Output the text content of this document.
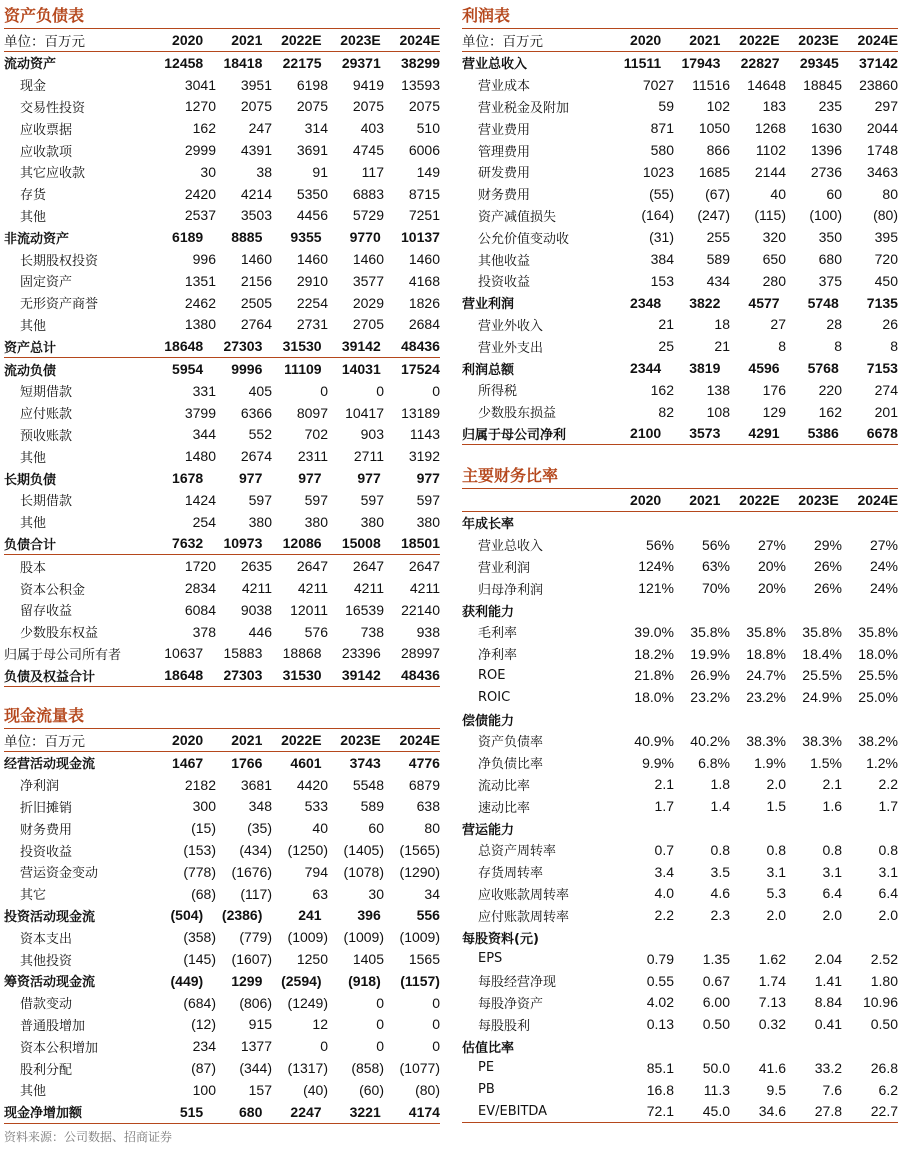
资产负债表
单位：百万元	2020	2021	2022E	2023E	2024E
流动资产	12458	18418	22175	29371	38299
现金	3041	3951	6198	9419	13593
交易性投资	1270	2075	2075	2075	2075
应收票据	162	247	314	403	510
应收款项	2999	4391	3691	4745	6006
其它应收款	30	38	91	117	149
存货	2420	4214	5350	6883	8715
其他	2537	3503	4456	5729	7251
非流动资产	6189	8885	9355	9770	10137
长期股权投资	996	1460	1460	1460	1460
固定资产	1351	2156	2910	3577	4168
无形资产商誉	2462	2505	2254	2029	1826
其他	1380	2764	2731	2705	2684
资产总计	18648	27303	31530	39142	48436
流动负债	5954	9996	11109	14031	17524
短期借款	331	405	0	0	0
应付账款	3799	6366	8097	10417	13189
预收账款	344	552	702	903	1143
其他	1480	2674	2311	2711	3192
长期负债	1678	977	977	977	977
长期借款	1424	597	597	597	597
其他	254	380	380	380	380
负债合计	7632	10973	12086	15008	18501
股本	1720	2635	2647	2647	2647
资本公积金	2834	4211	4211	4211	4211
留存收益	6084	9038	12011	16539	22140
少数股东权益	378	446	576	738	938
归属于母公司所有者	10637	15883	18868	23396	28997
负债及权益合计	18648	27303	31530	39142	48436
现金流量表
单位：百万元	2020	2021	2022E	2023E	2024E
经营活动现金流	1467	1766	4601	3743	4776
净利润	2182	3681	4420	5548	6879
折旧摊销	300	348	533	589	638
财务费用	(15)	(35)	40	60	80
投资收益	(153)	(434)	(1250)	(1405)	(1565)
营运资金变动	(778)	(1676)	794	(1078)	(1290)
其它	(68)	(117)	63	30	34
投资活动现金流	(504)	(2386)	241	396	556
资本支出	(358)	(779)	(1009)	(1009)	(1009)
其他投资	(145)	(1607)	1250	1405	1565
筹资活动现金流	(449)	1299	(2594)	(918)	(1157)
借款变动	(684)	(806)	(1249)	0	0
普通股增加	(12)	915	12	0	0
资本公积增加	234	1377	0	0	0
股利分配	(87)	(344)	(1317)	(858)	(1077)
其他	100	157	(40)	(60)	(80)
现金净增加额	515	680	2247	3221	4174
利润表
单位：百万元	2020	2021	2022E	2023E	2024E
营业总收入	11511	17943	22827	29345	37142
营业成本	7027	11516	14648	18845	23860
营业税金及附加	59	102	183	235	297
营业费用	871	1050	1268	1630	2044
管理费用	580	866	1102	1396	1748
研发费用	1023	1685	2144	2736	3463
财务费用	(55)	(67)	40	60	80
资产减值损失	(164)	(247)	(115)	(100)	(80)
公允价值变动收	(31)	255	320	350	395
其他收益	384	589	650	680	720
投资收益	153	434	280	375	450
营业利润	2348	3822	4577	5748	7135
营业外收入	21	18	27	28	26
营业外支出	25	21	8	8	8
利润总额	2344	3819	4596	5768	7153
所得税	162	138	176	220	274
少数股东损益	82	108	129	162	201
归属于母公司净利	2100	3573	4291	5386	6678
主要财务比率
2020	2021	2022E	2023E	2024E
年成长率
营业总收入	56%	56%	27%	29%	27%
营业利润	124%	63%	20%	26%	24%
归母净利润	121%	70%	20%	26%	24%
获利能力
毛利率	39.0%	35.8%	35.8%	35.8%	35.8%
净利率	18.2%	19.9%	18.8%	18.4%	18.0%
ROE	21.8%	26.9%	24.7%	25.5%	25.5%
ROIC	18.0%	23.2%	23.2%	24.9%	25.0%
偿债能力
资产负债率	40.9%	40.2%	38.3%	38.3%	38.2%
净负债比率	9.9%	6.8%	1.9%	1.5%	1.2%
流动比率	2.1	1.8	2.0	2.1	2.2
速动比率	1.7	1.4	1.5	1.6	1.7
营运能力
总资产周转率	0.7	0.8	0.8	0.8	0.8
存货周转率	3.4	3.5	3.1	3.1	3.1
应收账款周转率	4.0	4.6	5.3	6.4	6.4
应付账款周转率	2.2	2.3	2.0	2.0	2.0
每股资料(元)
EPS	0.79	1.35	1.62	2.04	2.52
每股经营净现	0.55	0.67	1.74	1.41	1.80
每股净资产	4.02	6.00	7.13	8.84	10.96
每股股利	0.13	0.50	0.32	0.41	0.50
估值比率
PE	85.1	50.0	41.6	33.2	26.8
PB	16.8	11.3	9.5	7.6	6.2
EV/EBITDA	72.1	45.0	34.6	27.8	22.7
资料来源：公司数据、招商证券
